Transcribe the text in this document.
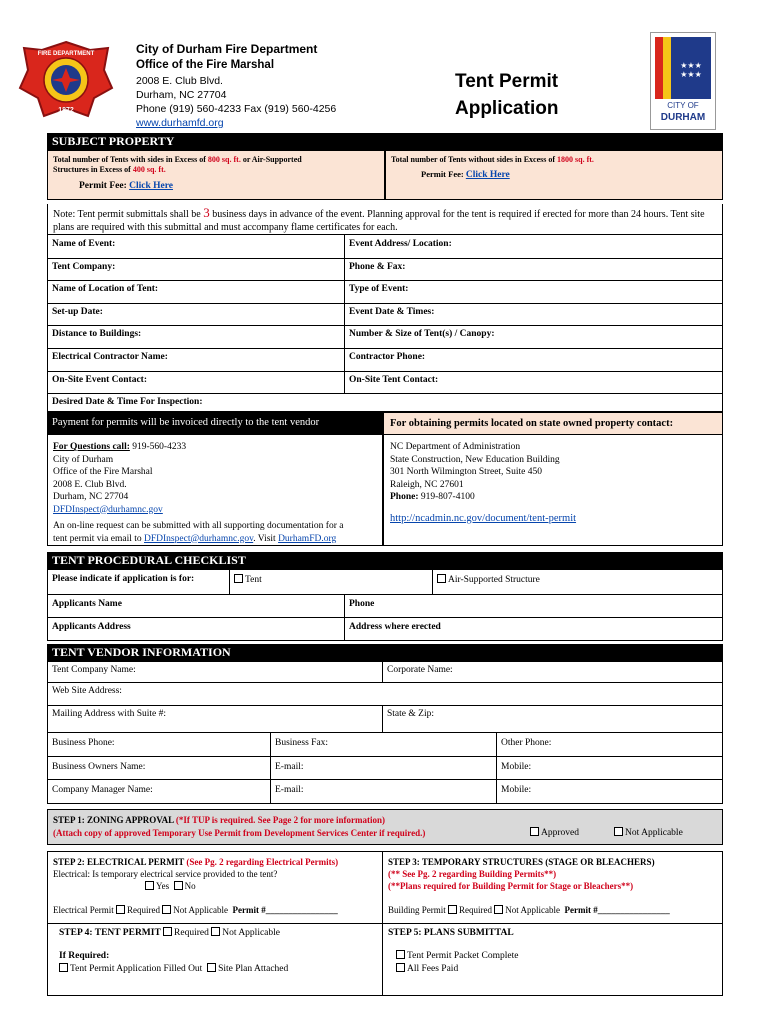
FIRE DEPARTMENT
1872
City of Durham Fire Department
Office of the Fire Marshal
2008 E. Club Blvd.
Durham, NC 27704
Phone (919) 560-4233 Fax (919) 560-4256
www.durhamfd.org
Tent Permit
Application
★★★
★★★
CITY OF
DURHAM
SUBJECT PROPERTY
Total number of Tents with sides in Excess of 800 sq. ft. or Air-Supported
Structures in Excess of 400 sq. ft.
Permit Fee: Click Here
Total number of Tents without sides in Excess of 1800 sq. ft.
Permit Fee: Click Here
Note: Tent permit submittals shall be 3 business days in advance of the event. Planning approval for the tent is required if erected for more than 24 hours. Tent site plans are required with this submittal and must accompany flame certificates for each.
Name of Event:	Event Address/ Location:
Tent Company:	Phone & Fax:
Name of Location of Tent:	Type of Event:
Set-up Date:	Event Date & Times:
Distance to Buildings:	Number & Size of Tent(s) / Canopy:
Electrical Contractor Name:	Contractor Phone:
On-Site Event Contact:	On-Site Tent Contact:
Desired Date & Time For Inspection:
Payment for permits will be invoiced directly to the tent vendor	For obtaining permits located on state owned property contact:
For Questions call: 919-560-4233
City of Durham
Office of the Fire Marshal
2008 E. Club Blvd.
Durham, NC 27704
DFDInspect@durhamnc.gov
An on-line request can be submitted with all supporting documentation for a
tent permit via email to DFDInspect@durhamnc.gov. Visit DurhamFD.org
NC Department of Administration
State Construction, New Education Building
301 North Wilmington Street, Suite 450
Raleigh, NC 27601
Phone: 919-807-4100
http://ncadmin.nc.gov/document/tent-permit
TENT PROCEDURAL CHECKLIST
Please indicate if application is for:	Tent	Air-Supported Structure
Applicants Name	Phone
Applicants Address	Address where erected
TENT VENDOR INFORMATION
Tent Company Name:	Corporate Name:
Web Site Address:
Mailing Address with Suite #:	State & Zip:
Business Phone:	Business Fax:	Other Phone:
Business Owners Name:	E-mail:	Mobile:
Company Manager Name:	E-mail:	Mobile:
STEP 1: ZONING APPROVAL (*If TUP is required. See Page 2 for more information)
(Attach copy of approved Temporary Use Permit from Development Services Center if required.)	Approved	Not Applicable
STEP 2: ELECTRICAL PERMIT (See Pg. 2 regarding Electrical Permits)
Electrical: Is temporary electrical service provided to the tent?
Yes No
Electrical Permit Required Not Applicable Permit #________________
STEP 3: TEMPORARY STRUCTURES (STAGE OR BLEACHERS)
(** See Pg. 2 regarding Building Permits**)
(**Plans required for Building Permit for Stage or Bleachers**)
Building Permit Required Not Applicable Permit #________________
STEP 4: TENT PERMIT Required Not Applicable
If Required:
Tent Permit Application Filled Out Site Plan Attached
STEP 5: PLANS SUBMITTAL
Tent Permit Packet Complete
All Fees Paid
